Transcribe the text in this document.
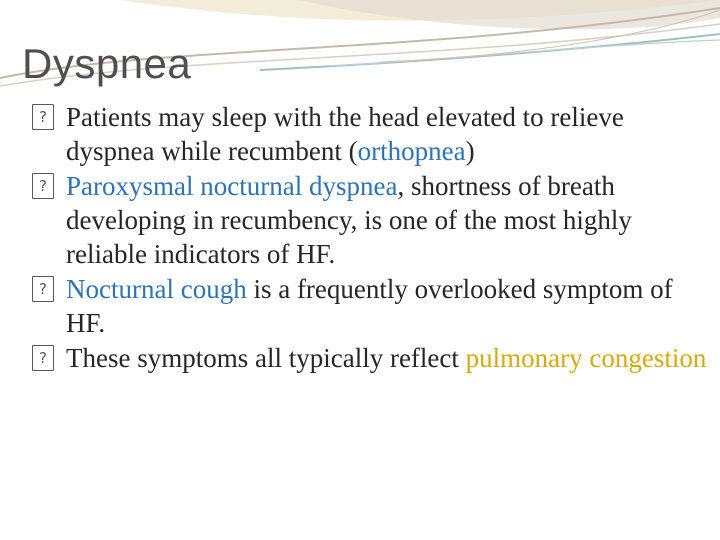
Dyspnea

?
Patients may sleep with the head elevated to relieve dyspnea while recumbent (orthopnea)

?
Paroxysmal nocturnal dyspnea, shortness of breath developing in recumbency, is one of the most highly reliable indicators of HF.

?
Nocturnal cough is a frequently overlooked symptom of HF.

?
These symptoms all typically reflect pulmonary congestion
